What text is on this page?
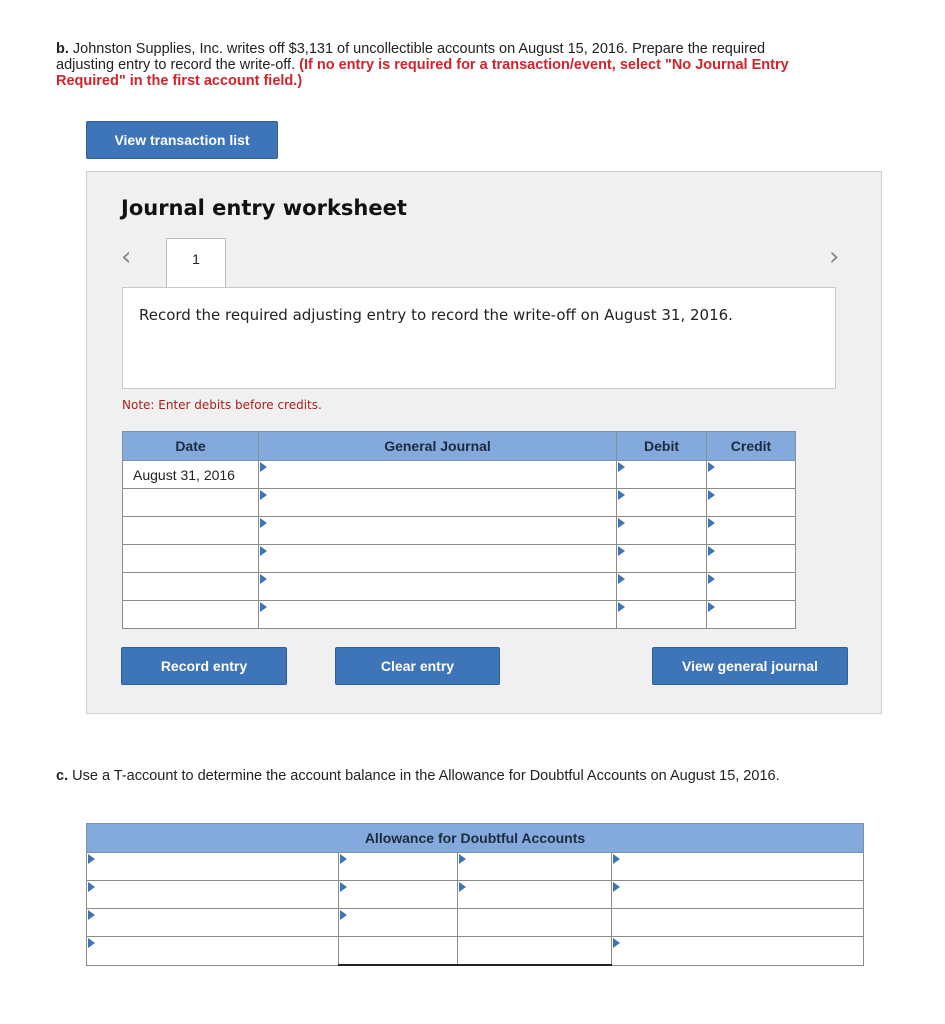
b. Johnston Supplies, Inc. writes off $3,131 of uncollectible accounts on August 15, 2016. Prepare the required adjusting entry to record the write-off. (If no entry is required for a transaction/event, select "No Journal Entry Required" in the first account field.)
View transaction list
Journal entry worksheet
‹	›
1
Record the required adjusting entry to record the write-off on August 31, 2016.
Note: Enter debits before credits.
Date	General Journal	Debit	Credit
August 31, 2016	

Record entry	Clear entry	View general journal
c. Use a T-account to determine the account balance in the Allowance for Doubtful Accounts on August 15, 2016.
Allowance for Doubtful Accounts			
